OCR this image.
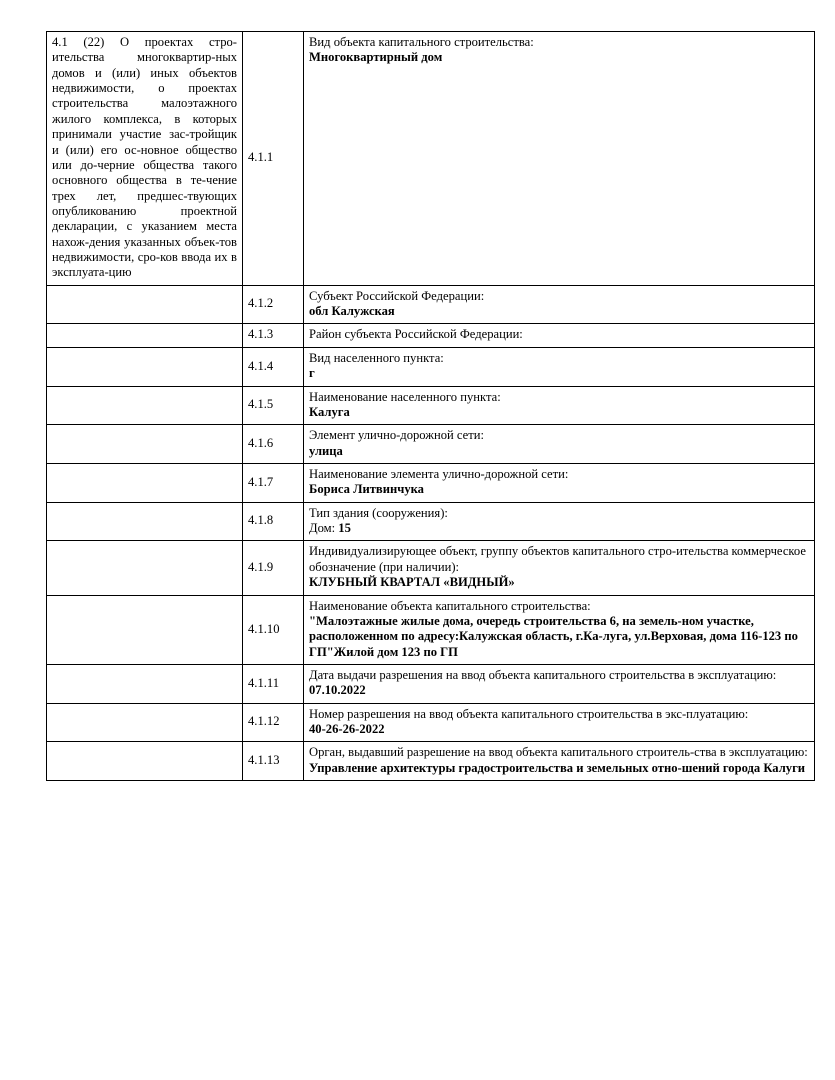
4.1 (22) О проектах стро-ительства многоквартир-ных домов и (или) иных объектов недвижимости, о проектах строительства малоэтажного жилого комплекса, в которых принимали участие зас-тройщик и (или) его ос-новное общество или до-черние общества такого основного общества в те-чение трех лет, предшес-твующих опубликованию проектной декларации, с указанием места нахож-дения указанных объек-тов недвижимости, сро-ков ввода их в эксплуата-цию	4.1.1	Вид объекта капитального строительства:
Многоквартирный дом

	4.1.2	Субъект Российской Федерации:
обл Калужская

	4.1.3	Район субъекта Российской Федерации:

	4.1.4	Вид населенного пункта:
г

	4.1.5	Наименование населенного пункта:
Калуга

	4.1.6	Элемент улично-дорожной сети:
улица

	4.1.7	Наименование элемента улично-дорожной сети:
Бориса Литвинчука

	4.1.8	Тип здания (сооружения):
Дом: 15

	4.1.9	Индивидуализирующее объект, группу объектов капитального стро-ительства коммерческое обозначение (при наличии):
КЛУБНЫЙ КВАРТАЛ «ВИДНЫЙ»

	4.1.10	Наименование объекта капитального строительства:
"Малоэтажные жилые дома, очередь строительства 6, на земель-ном участке, расположенном по адресу:Калужская область, г.Ка-луга, ул.Верховая, дома 116-123 по ГП"Жилой дом 123 по ГП

	4.1.11	Дата выдачи разрешения на ввод объекта капитального строительства в эксплуатацию:
07.10.2022

	4.1.12	Номер разрешения на ввод объекта капитального строительства в экс-плуатацию:
40-26-26-2022

	4.1.13	Орган, выдавший разрешение на ввод объекта капитального строитель-ства в эксплуатацию:
Управление архитектуры градостроительства и земельных отно-шений города Калуги
